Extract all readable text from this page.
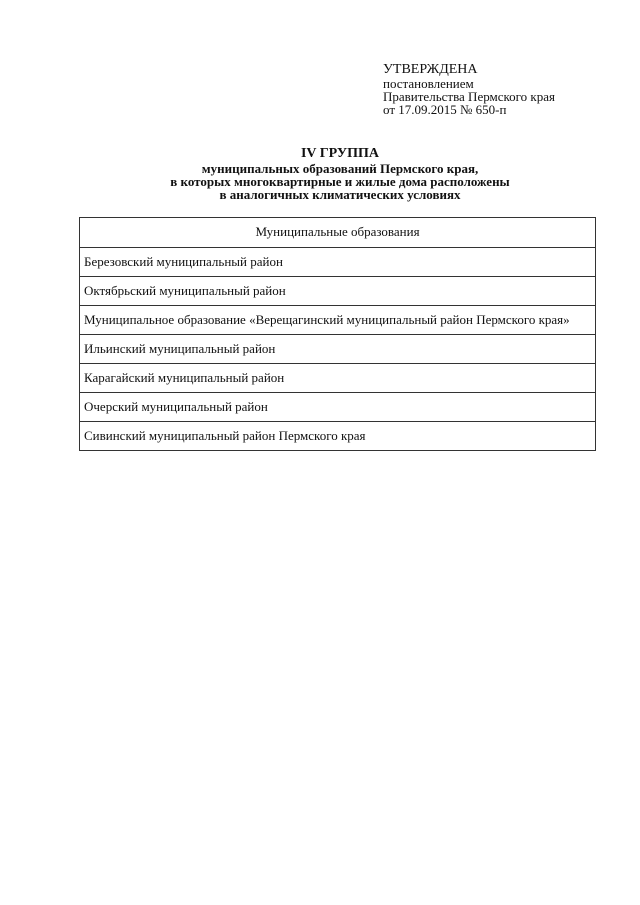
УТВЕРЖДЕНА
постановлением
Правительства Пермского края
от 17.09.2015 № 650-п
IV ГРУППА
муниципальных образований Пермского края,
в которых многоквартирные и жилые дома расположены
в аналогичных климатических условиях
Муниципальные образования
Березовский муниципальный район
Октябрьский муниципальный район
Муниципальное образование «Верещагинский муниципальный район Пермского края»
Ильинский муниципальный район
Карагайский муниципальный район
Очерский муниципальный район
Сивинский муниципальный район Пермского края
